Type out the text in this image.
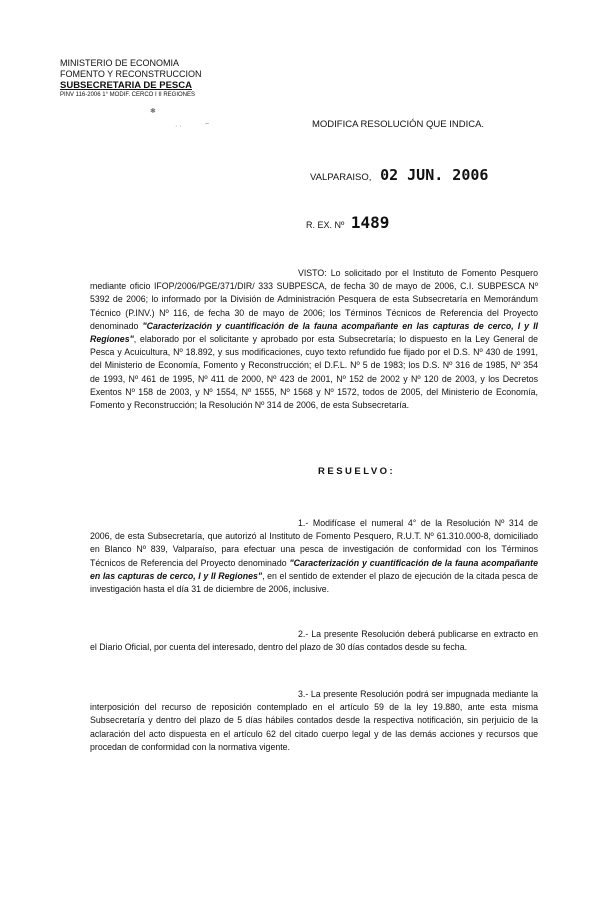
MINISTERIO DE ECONOMIA
FOMENTO Y RECONSTRUCCION
SUBSECRETARIA DE PESCA
PINV 116-2006 1° MODIF. CERCO I II REGIONES
✱
· ·	~	MODIFICA RESOLUCIÓN QUE INDICA.
VALPARAISO, 02 JUN. 2006
R. EX. Nº 1489

VISTO: Lo solicitado por el Instituto de Fomento Pesquero mediante oficio IFOP/2006/PGE/371/DIR/ 333 SUBPESCA, de fecha 30 de mayo de 2006, C.I. SUBPESCA Nº 5392 de 2006; lo informado por la División de Administración Pesquera de esta Subsecretaría en Memorándum Técnico (P.INV.) Nº 116, de fecha 30 de mayo de 2006; los Términos Técnicos de Referencia del Proyecto denominado "Caracterización y cuantificación de la fauna acompañante en las capturas de cerco, I y II Regiones", elaborado por el solicitante y aprobado por esta Subsecretaría; lo dispuesto en la Ley General de Pesca y Acuicultura, Nº 18.892, y sus modificaciones, cuyo texto refundido fue fijado por el D.S. Nº 430 de 1991, del Ministerio de Economía, Fomento y Reconstrucción; el D.F.L. Nº 5 de 1983; los D.S. Nº 316 de 1985, Nº 354 de 1993, Nº 461 de 1995, Nº 411 de 2000, Nº 423 de 2001, Nº 152 de 2002 y Nº 120 de 2003, y los Decretos Exentos Nº 158 de 2003, y Nº 1554, Nº 1555, Nº 1568 y Nº 1572, todos de 2005, del Ministerio de Economía, Fomento y Reconstrucción; la Resolución Nº 314 de 2006, de esta Subsecretaría.

RESUELVO:

1.- Modifícase el numeral 4° de la Resolución Nº 314 de 2006, de esta Subsecretaría, que autorizó al Instituto de Fomento Pesquero, R.U.T. Nº 61.310.000-8, domiciliado en Blanco Nº 839, Valparaíso, para efectuar una pesca de investigación de conformidad con los Términos Técnicos de Referencia del Proyecto denominado "Caracterización y cuantificación de la fauna acompañante en las capturas de cerco, I y II Regiones", en el sentido de extender el plazo de ejecución de la citada pesca de investigación hasta el día 31 de diciembre de 2006, inclusive.

2.- La presente Resolución deberá publicarse en extracto en el Diario Oficial, por cuenta del interesado, dentro del plazo de 30 días contados desde su fecha.

3.- La presente Resolución podrá ser impugnada mediante la interposición del recurso de reposición contemplado en el artículo 59 de la ley 19.880, ante esta misma Subsecretaría y dentro del plazo de 5 días hábiles contados desde la respectiva notificación, sin perjuicio de la aclaración del acto dispuesta en el artículo 62 del citado cuerpo legal y de las demás acciones y recursos que procedan de conformidad con la normativa vigente.
